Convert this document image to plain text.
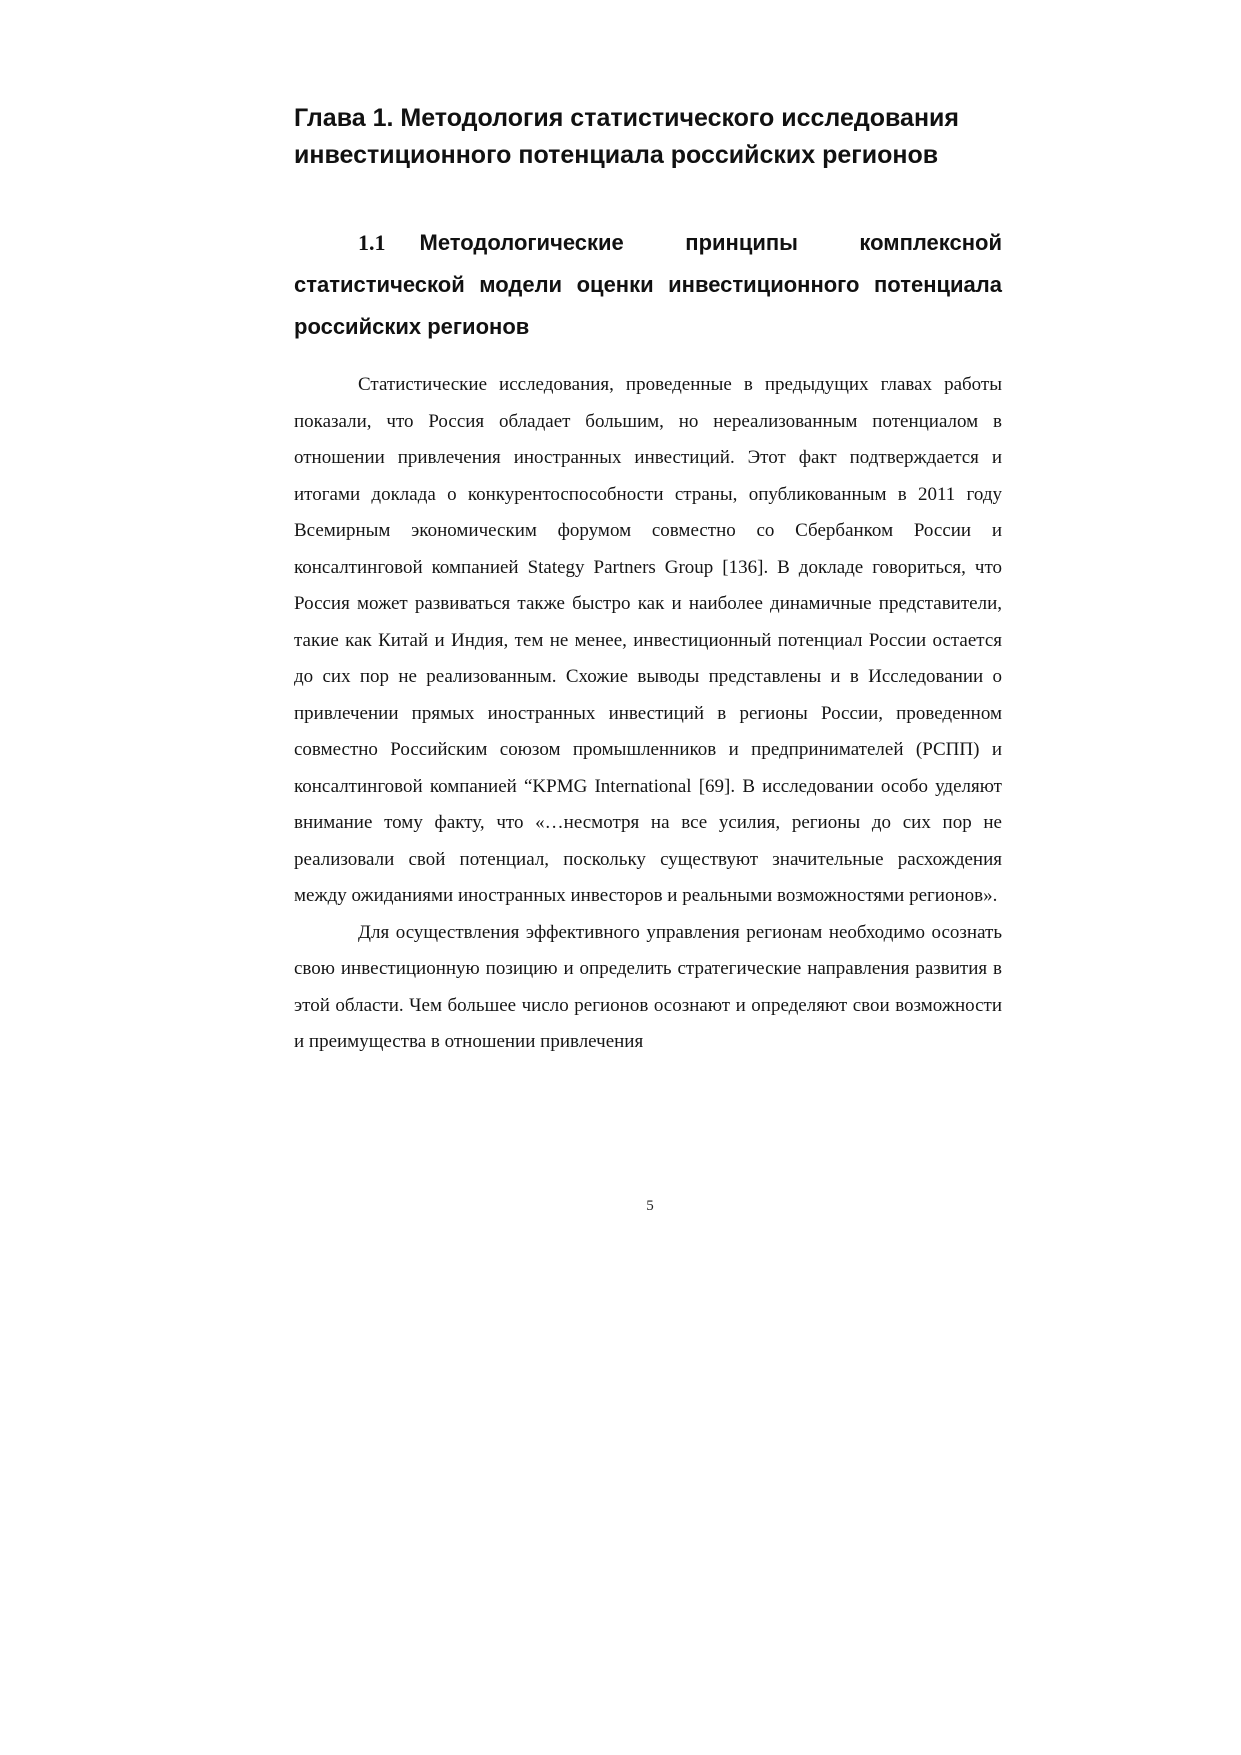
Глава 1. Методология статистического исследования инвестиционного потенциала российских регионов
1.1 Методологические принципы комплексной статистической модели оценки инвестиционного потенциала российских регионов

Статистические исследования, проведенные в предыдущих главах работы показали, что Россия обладает большим, но нереализованным потенциалом в отношении привлечения иностранных инвестиций. Этот факт подтверждается и итогами доклада о конкурентоспособности страны, опубликованным в 2011 году Всемирным экономическим форумом совместно со Сбербанком России и консалтинговой компанией Stategy Partners Group [136]. В докладе говориться, что Россия может развиваться также быстро как и наиболее динамичные представители, такие как Китай и Индия, тем не менее, инвестиционный потенциал России остается до сих пор не реализованным. Схожие выводы представлены и в Исследовании о привлечении прямых иностранных инвестиций в регионы России, проведенном совместно Российским союзом промышленников и предпринимателей (РСПП) и консалтинговой компанией “KPMG International [69]. В исследовании особо уделяют внимание тому факту, что «…несмотря на все усилия, регионы до сих пор не реализовали свой потенциал, поскольку существуют значительные расхождения между ожиданиями иностранных инвесторов и реальными возможностями регионов».

Для осуществления эффективного управления регионам необходимо осознать свою инвестиционную позицию и определить стратегические направления развития в этой области. Чем большее число регионов осознают и определяют свои возможности и преимущества в отношении привлечения

5
